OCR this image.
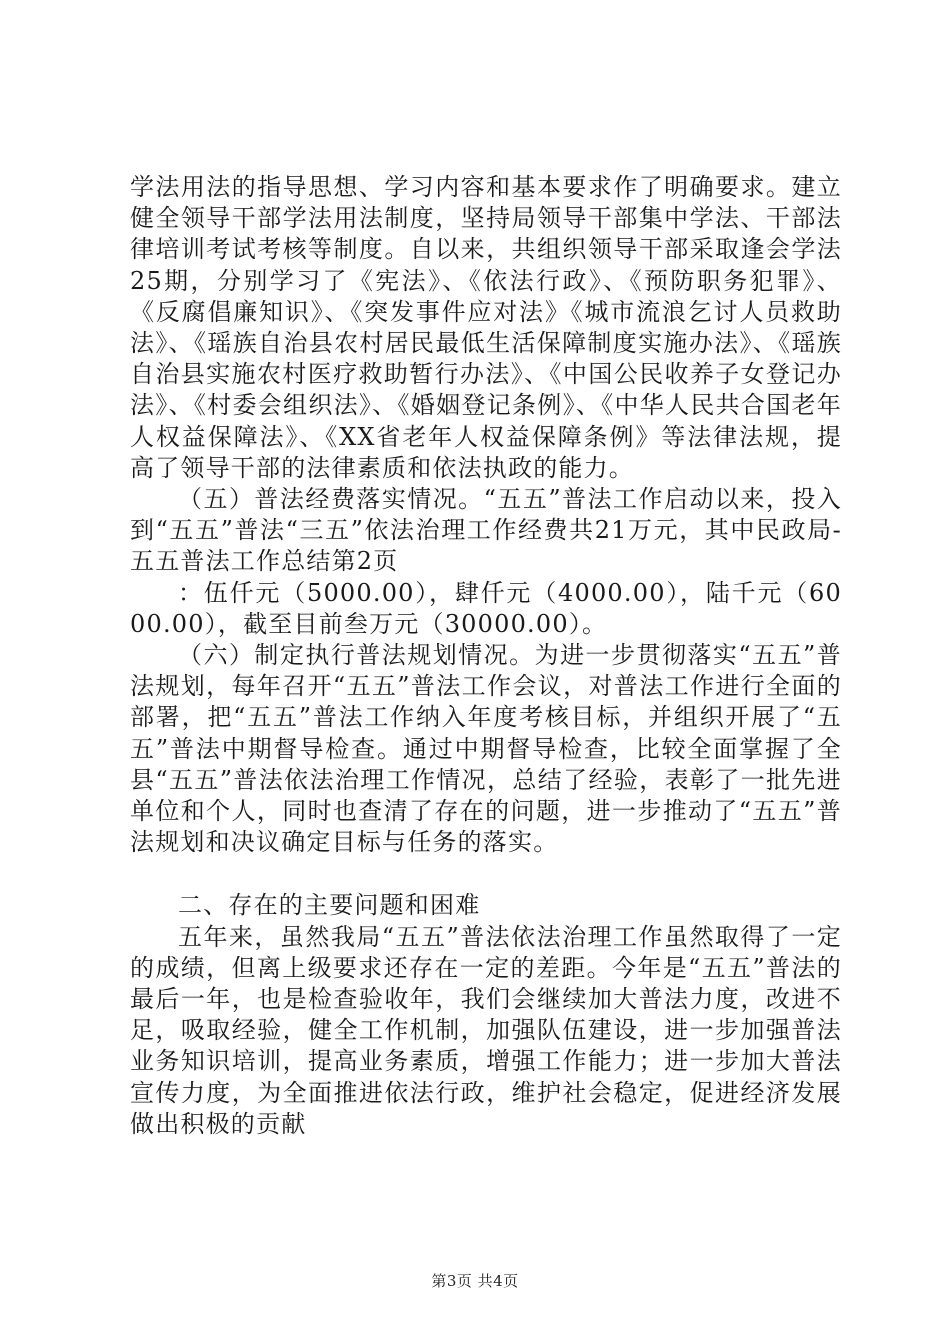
学法用法的指导思想、学习内容和基本要求作了明确要求。建立健全领导干部学法用法制度，坚持局领导干部集中学法、干部法律培训考试考核等制度。自以来，共组织领导干部采取逢会学法25期，分别学习了《宪法》、《依法行政》、《预防职务犯罪》、《反腐倡廉知识》、《突发事件应对法》《城市流浪乞讨人员救助法》、《瑶族自治县农村居民最低生活保障制度实施办法》、《瑶族自治县实施农村医疗救助暂行办法》、《中国公民收养子女登记办法》、《村委会组织法》、《婚姻登记条例》、《中华人民共合国老年人权益保障法》、《XX省老年人权益保障条例》等法律法规，提高了领导干部的法律素质和依法执政的能力。

（五）普法经费落实情况。“五五”普法工作启动以来，投入到“五五”普法“三五”依法治理工作经费共21万元，其中民政局-五五普法工作总结第2页

：伍仟元（5000.00），肆仟元（4000.00），陆千元（6000.00），截至目前叁万元（30000.00）。

（六）制定执行普法规划情况。为进一步贯彻落实“五五”普法规划，每年召开“五五”普法工作会议，对普法工作进行全面的部署，把“五五”普法工作纳入年度考核目标，并组织开展了“五五”普法中期督导检查。通过中期督导检查，比较全面掌握了全县“五五”普法依法治理工作情况，总结了经验，表彰了一批先进单位和个人，同时也查清了存在的问题，进一步推动了“五五”普法规划和决议确定目标与任务的落实。

二、存在的主要问题和困难

五年来，虽然我局“五五”普法依法治理工作虽然取得了一定的成绩，但离上级要求还存在一定的差距。今年是“五五”普法的最后一年，也是检查验收年，我们会继续加大普法力度，改进不足，吸取经验，健全工作机制，加强队伍建设，进一步加强普法业务知识培训，提高业务素质，增强工作能力；进一步加大普法宣传力度，为全面推进依法行政，维护社会稳定，促进经济发展做出积极的贡献

第3页 共4页
